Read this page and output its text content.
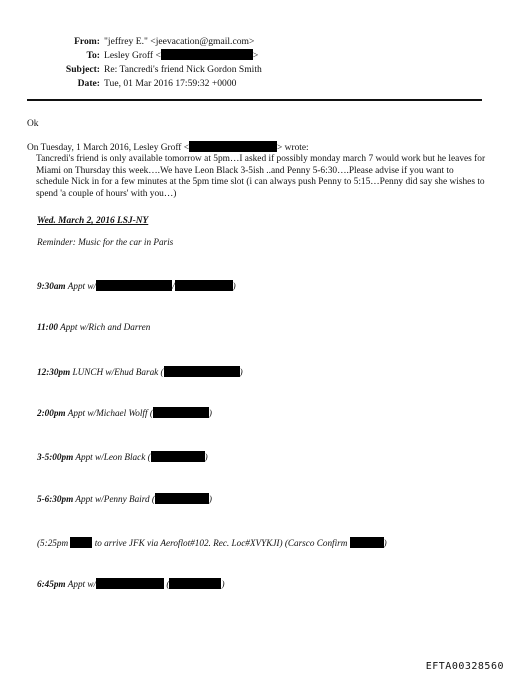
From: "jeffrey E." <jeevacation@gmail.com>
To: Lesley Groff <	>
Subject: Re: Tancredi's friend Nick Gordon Smith
Date: Tue, 01 Mar 2016 17:59:32 +0000

Ok

On Tuesday, 1 March 2016, Lesley Groff <	> wrote:

Tancredi's friend is only available tomorrow at 5pm…I asked if possibly monday march 7 would work but he leaves for Miami on Thursday this week….We have Leon Black 3-5ish ..and Penny 5-6:30….Please advise if you want to schedule Nick in for a few minutes at the 5pm time slot (i can always push Penny to 5:15…Penny did say she wishes to spend 'a couple of hours' with you…)

Wed. March 2, 2016 LSJ-NY
Reminder: Music for the car in Paris
9:30am Appt w/	/	)
11:00 Appt w/Rich and Darren
12:30pm LUNCH w/Ehud Barak (	)
2:00pm Appt w/Michael Wolff (	)
3-5:00pm Appt w/Leon Black (	)
5-6:30pm Appt w/Penny Baird (	)
(5:25pm	to arrive JFK via Aeroflot#102. Rec. Loc#XVYKJI) (Carsco Confirm	)
6:45pm Appt w/	(	)
EFTA00328560
